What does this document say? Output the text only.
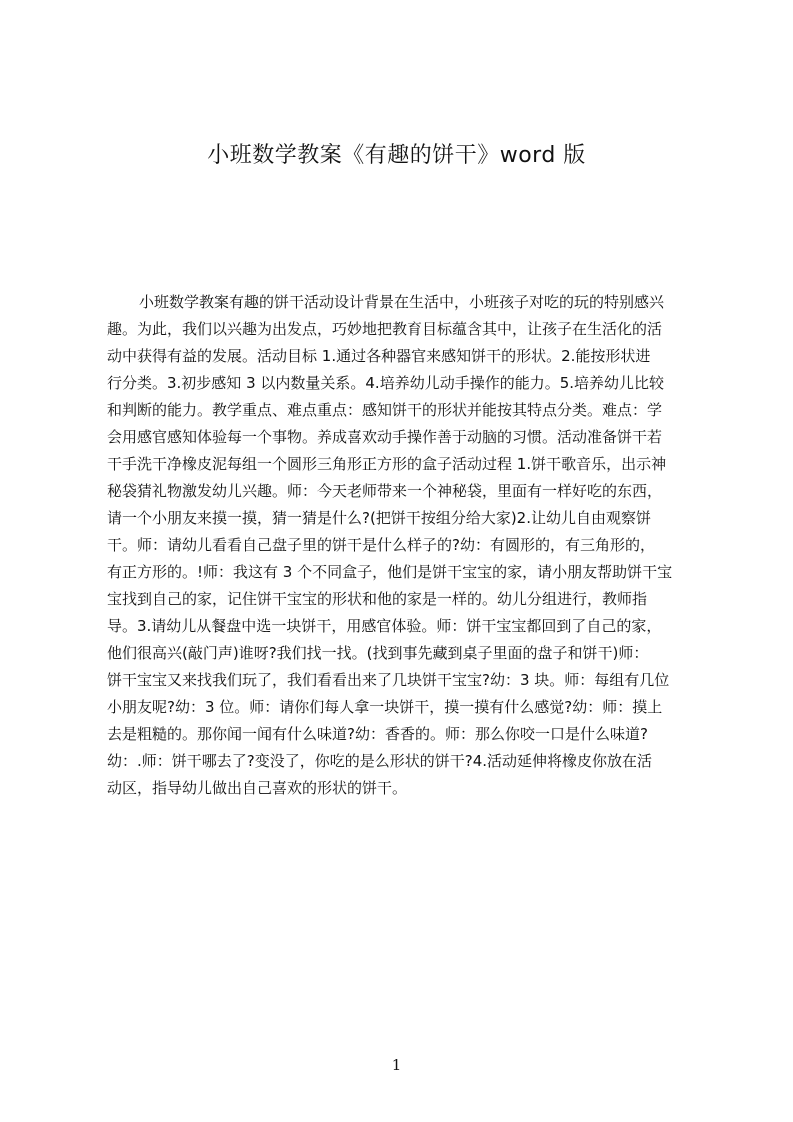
小班数学教案《有趣的饼干》word 版
小班数学教案有趣的饼干活动设计背景在生活中，小班孩子对吃的玩的特别感兴
趣。为此，我们以兴趣为出发点，巧妙地把教育目标蕴含其中，让孩子在生活化的活
动中获得有益的发展。活动目标 1.通过各种器官来感知饼干的形状。2.能按形状进
行分类。3.初步感知 3 以内数量关系。4.培养幼儿动手操作的能力。5.培养幼儿比较
和判断的能力。教学重点、难点重点：感知饼干的形状并能按其特点分类。难点：学
会用感官感知体验每一个事物。养成喜欢动手操作善于动脑的习惯。活动准备饼干若
干手洗干净橡皮泥每组一个圆形三角形正方形的盒子活动过程 1.饼干歌音乐，出示神
秘袋猜礼物激发幼儿兴趣。师：今天老师带来一个神秘袋，里面有一样好吃的东西，
请一个小朋友来摸一摸，猜一猜是什么?(把饼干按组分给大家)2.让幼儿自由观察饼
干。师：请幼儿看看自己盘子里的饼干是什么样子的?幼：有圆形的，有三角形的，
有正方形的。!师：我这有 3 个不同盒子，他们是饼干宝宝的家，请小朋友帮助饼干宝
宝找到自己的家，记住饼干宝宝的形状和他的家是一样的。幼儿分组进行，教师指
导。3.请幼儿从餐盘中选一块饼干，用感官体验。师：饼干宝宝都回到了自己的家，
他们很高兴(敲门声)谁呀?我们找一找。(找到事先藏到桌子里面的盘子和饼干)师：
饼干宝宝又来找我们玩了，我们看看出来了几块饼干宝宝?幼：3 块。师：每组有几位
小朋友呢?幼：3 位。师：请你们每人拿一块饼干，摸一摸有什么感觉?幼：师：摸上
去是粗糙的。那你闻一闻有什么味道?幼：香香的。师：那么你咬一口是什么味道?
幼：.师：饼干哪去了?变没了，你吃的是么形状的饼干?4.活动延伸将橡皮你放在活
动区，指导幼儿做出自己喜欢的形状的饼干。
1
